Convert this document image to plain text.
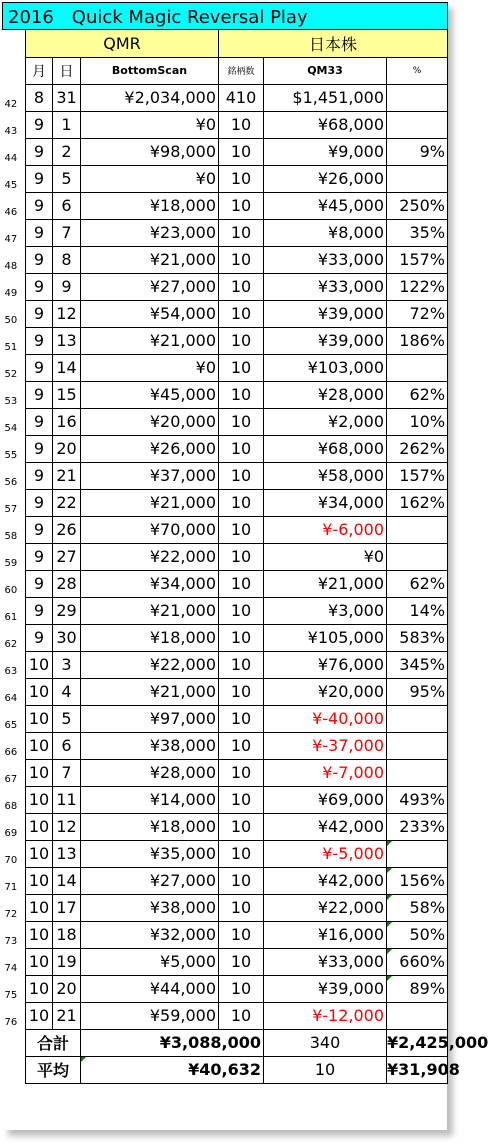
2016　Quick Magic Reversal Play							
	QMR			日本株			
	月	日	BottomScan	銘柄数	QM33	%	
42	8	31	¥2,034,000	410	$1,451,000		
43	9	1	¥0	10	¥68,000		
44	9	2	¥98,000	10	¥9,000	9%	
45	9	5	¥0	10	¥26,000		
46	9	6	¥18,000	10	¥45,000	250%	
47	9	7	¥23,000	10	¥8,000	35%	
48	9	8	¥21,000	10	¥33,000	157%	
49	9	9	¥27,000	10	¥33,000	122%	
50	9	12	¥54,000	10	¥39,000	72%	
51	9	13	¥21,000	10	¥39,000	186%	
52	9	14	¥0	10	¥103,000		
53	9	15	¥45,000	10	¥28,000	62%	
54	9	16	¥20,000	10	¥2,000	10%	
55	9	20	¥26,000	10	¥68,000	262%	
56	9	21	¥37,000	10	¥58,000	157%	
57	9	22	¥21,000	10	¥34,000	162%	
58	9	26	¥70,000	10	¥-6,000		
59	9	27	¥22,000	10	¥0		
60	9	28	¥34,000	10	¥21,000	62%	
61	9	29	¥21,000	10	¥3,000	14%	
62	9	30	¥18,000	10	¥105,000	583%	
63	10	3	¥22,000	10	¥76,000	345%	
64	10	4	¥21,000	10	¥20,000	95%	
65	10	5	¥97,000	10	¥-40,000		
66	10	6	¥38,000	10	¥-37,000		
67	10	7	¥28,000	10	¥-7,000		
68	10	11	¥14,000	10	¥69,000	493%	
69	10	12	¥18,000	10	¥42,000	233%	
70	10	13	¥35,000	10	¥-5,000		
71	10	14	¥27,000	10	¥42,000	156%	
72	10	17	¥38,000	10	¥22,000	58%	
73	10	18	¥32,000	10	¥16,000	50%	
74	10	19	¥5,000	10	¥33,000	660%	
75	10	20	¥44,000	10	¥39,000	89%	
76	10	21	¥59,000	10	¥-12,000		
	合計		¥3,088,000		340	¥2,425,000	
	平均		¥40,632		10	¥31,908	
